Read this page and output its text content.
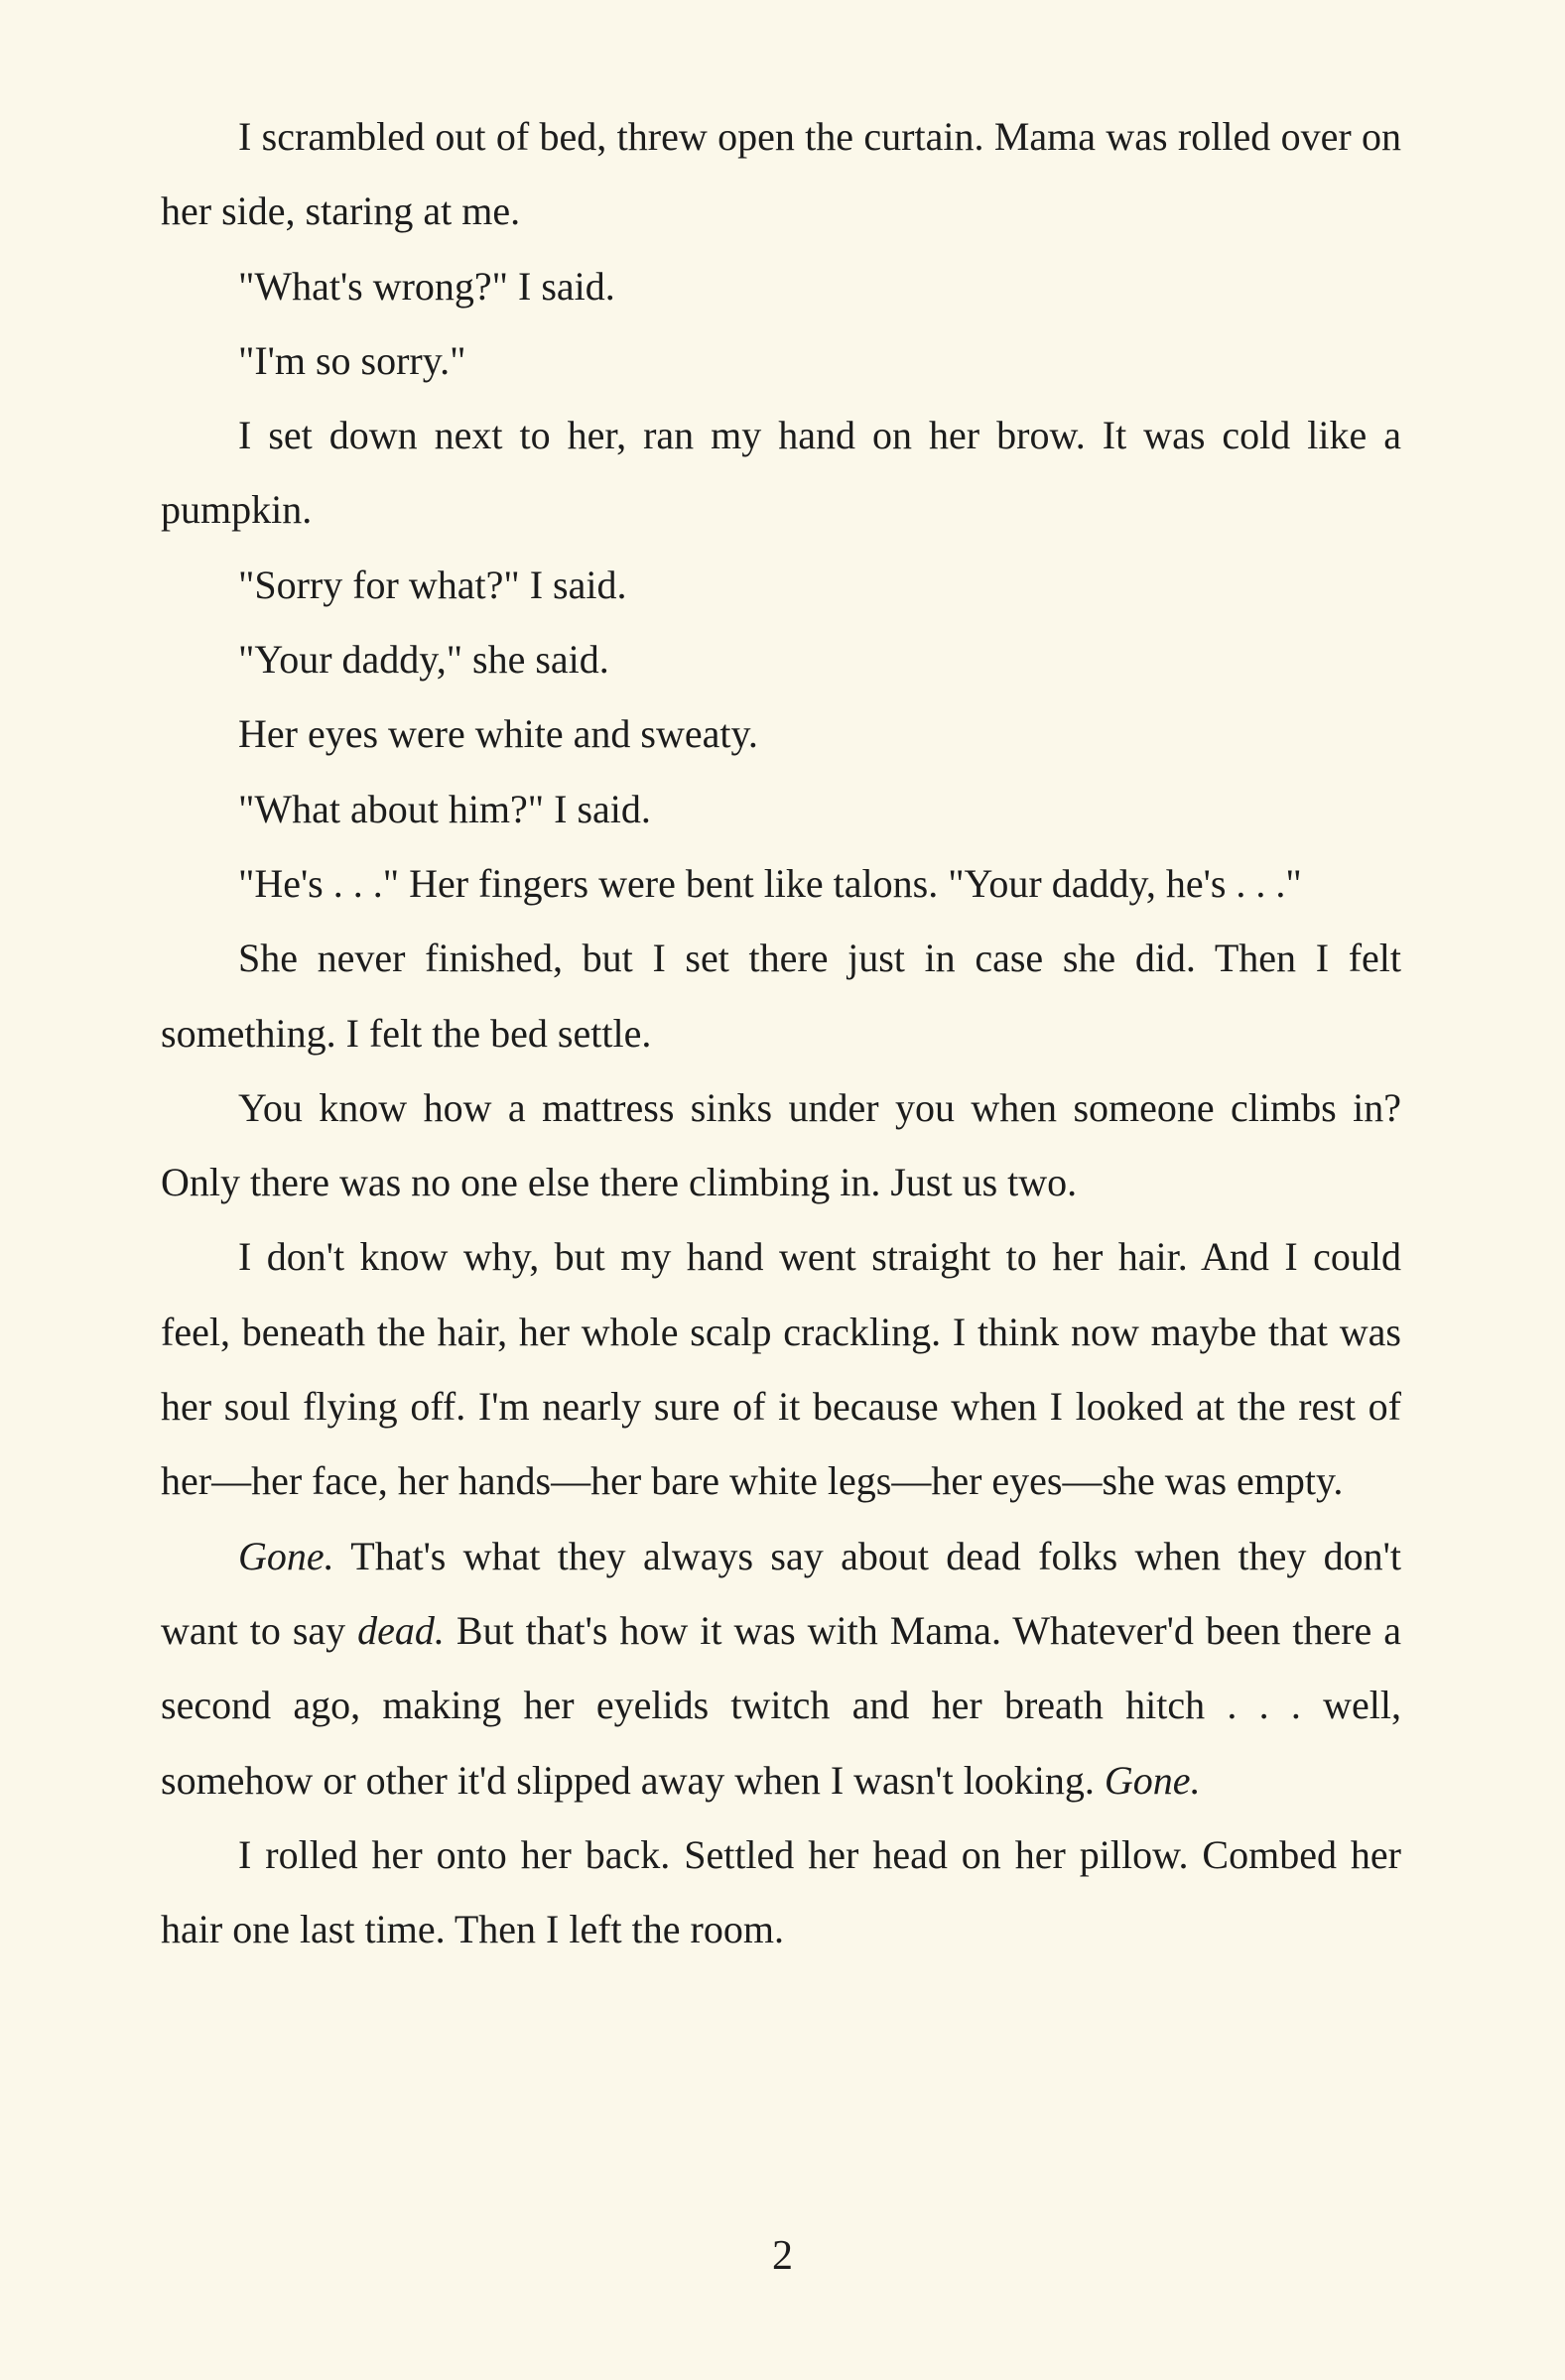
I scrambled out of bed, threw open the curtain. Mama was rolled over on her side, staring at me.

"What's wrong?" I said.

"I'm so sorry."

I set down next to her, ran my hand on her brow. It was cold like a pumpkin.

"Sorry for what?" I said.

"Your daddy," she said.

Her eyes were white and sweaty.

"What about him?" I said.

"He's . . ." Her fingers were bent like talons. "Your daddy, he's . . ."

She never finished, but I set there just in case she did. Then I felt something. I felt the bed settle.

You know how a mattress sinks under you when someone climbs in? Only there was no one else there climbing in. Just us two.

I don't know why, but my hand went straight to her hair. And I could feel, beneath the hair, her whole scalp crackling. I think now maybe that was her soul flying off. I'm nearly sure of it because when I looked at the rest of her—her face, her hands—her bare white legs—her eyes—she was empty.

Gone. That's what they always say about dead folks when they don't want to say dead. But that's how it was with Mama. Whatever'd been there a second ago, making her eyelids twitch and her breath hitch . . . well, somehow or other it'd slipped away when I wasn't looking. Gone.

I rolled her onto her back. Settled her head on her pillow. Combed her hair one last time. Then I left the room.

2
